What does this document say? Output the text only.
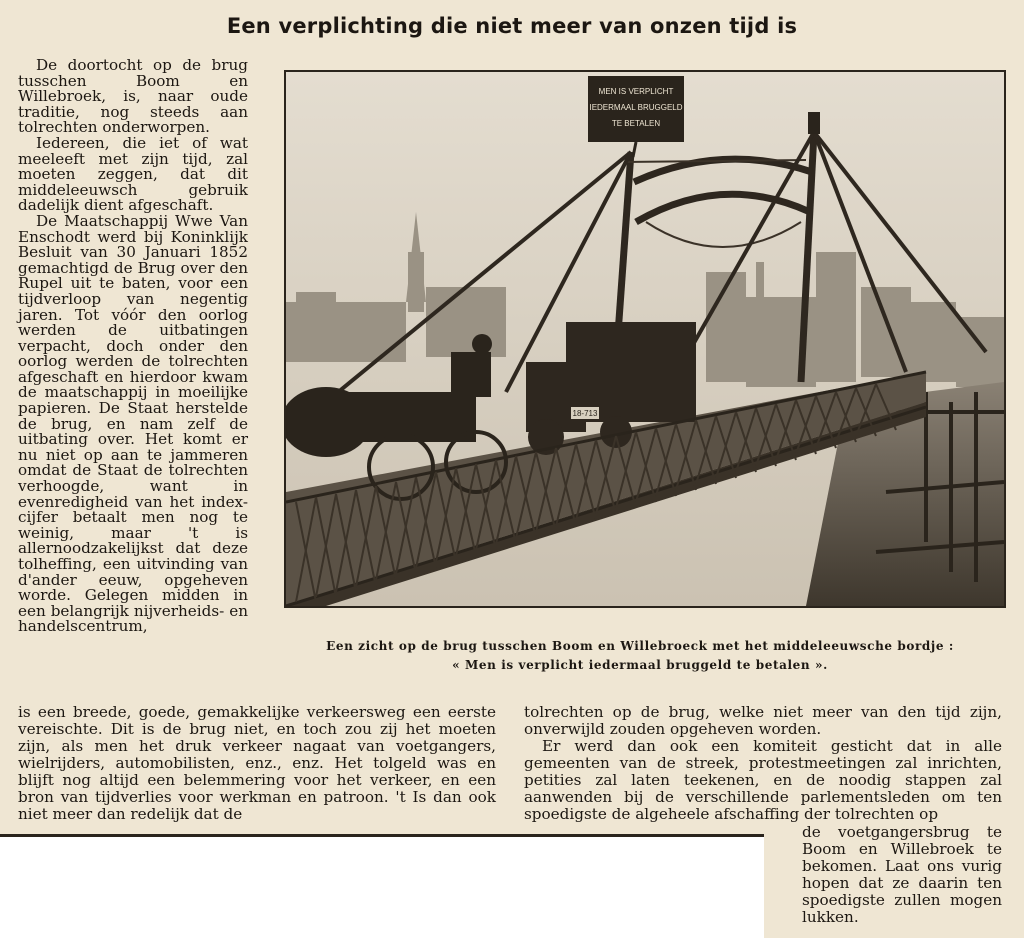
Een verplichting die niet meer van onzen tijd is

De doortocht op de brug tusschen Boom en Willebroek, is, naar oude traditie, nog steeds aan tolrechten onderworpen.

Iedereen, die iet of wat meeleeft met zijn tijd, zal moeten zeggen, dat dit middeleeuwsch gebruik dadelijk dient afgeschaft.

De Maatschappij Wwe Van Enschodt werd bij Koninklijk Besluit van 30 Januari 1852 gemachtigd de Brug over den Rupel uit te baten, voor een tijdverloop van negentig jaren. Tot vóór den oorlog werden de uitbatingen verpacht, doch onder den oorlog werden de tolrechten afgeschaft en hierdoor kwam de maatschappij in moeilijke papieren. De Staat herstelde de brug, en nam zelf de uitbating over. Het komt er nu niet op aan te jammeren omdat de Staat de tolrechten verhoogde, want in evenredigheid van het index-cijfer betaalt men nog te weinig, maar 't is allernoodzakelijkst dat deze tolheffing, een uitvinding van d'ander eeuw, opgeheven worde. Gelegen midden in een belangrijk nijverheids- en handelscentrum,

MEN IS VERPLICHT
IEDERMAAL BRUGGELD
TE BETALEN
18-713
Een zicht op de brug tusschen Boom en Willebroeck met het middeleeuwsche bordje :
« Men is verplicht iedermaal bruggeld te betalen ».

is een breede, goede, gemakkelijke verkeersweg een eerste vereischte. Dit is de brug niet, en toch zou zij het moeten zijn, als men het druk verkeer nagaat van voetgangers, wielrijders, automobilisten, enz., enz. Het tolgeld was en blijft nog altijd een belemmering voor het verkeer, en een bron van tijdverlies voor werkman en patroon. 't Is dan ook niet meer dan redelijk dat de

tolrechten op de brug, welke niet meer van den tijd zijn, onverwijld zouden opgeheven worden.

Er werd dan ook een komiteit gesticht dat in alle gemeenten van de streek, protestmeetingen zal inrichten, petities zal laten teekenen, en de noodig stappen zal aanwenden bij de verschillende parlementsleden om ten spoedigste de algeheele afschaffing der tolrechten op

de voetgangersbrug te Boom en Willebroek te bekomen. Laat ons vurig hopen dat ze daarin ten spoedigste zullen mogen lukken.
